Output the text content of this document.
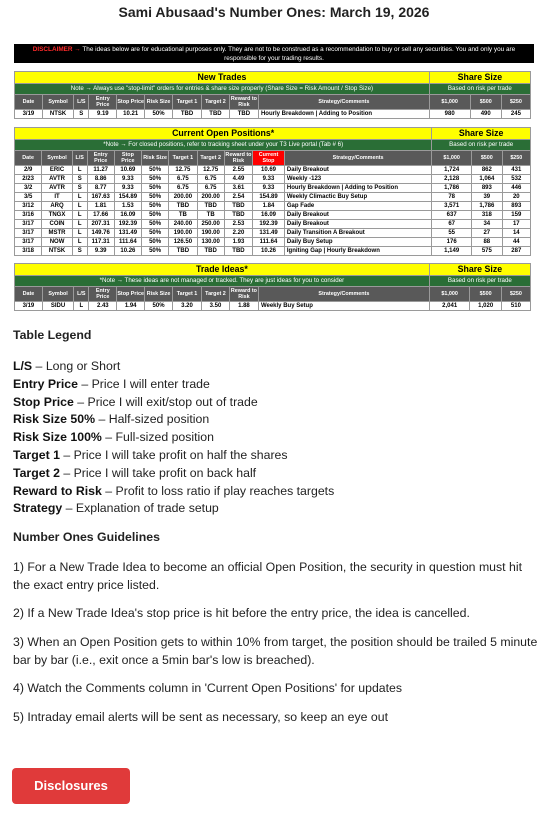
Sami Abusaad's Number Ones: March 19, 2026
DISCLAIMER → The ideas below are for educational purposes only. They are not to be construed as a recommendation to buy or sell any securities. You and only you are responsible for your trading results.
New Trades										Share Size		
Note → Always use "stop-limit" orders for entries & share size properly (Share Size = Risk Amount / Stop Size)										Based on risk per trade		
Date	Symbol	L/S	Entry Price	Stop Price	Risk Size	Target 1	Target 2	Reward to Risk	Strategy/Comments	$1,000	$500	$250
3/19	NTSK	S	9.19	10.21	50%	TBD	TBD	TBD	Hourly Breakdown | Adding to Position	980	490	245
Current Open Positions*											Share Size		
*Note → For closed positions, refer to tracking sheet under your T3 Live portal (Tab # 6)											Based on risk per trade		
Date	Symbol	L/S	Entry Price	Stop Price	Risk Size	Target 1	Target 2	Reward to Risk	Current Stop	Strategy/Comments	$1,000	$500	$250
2/9	ERIC	L	11.27	10.69	50%	12.75	12.75	2.55	10.69	Daily Breakout	1,724	862	431
2/23	AVTR	S	8.86	9.33	50%	6.75	6.75	4.49	9.33	Weekly -123	2,128	1,064	532
3/2	AVTR	S	8.77	9.33	50%	6.75	6.75	3.61	9.33	Hourly Breakdown | Adding to Position	1,786	893	446
3/5	IT	L	167.63	154.89	50%	200.00	200.00	2.54	154.89	Weekly Climactic Buy Setup	78	39	20
3/12	ARQ	L	1.81	1.53	50%	TBD	TBD	TBD	1.84	Gap Fade	3,571	1,786	893
3/16	TNGX	L	17.66	16.09	50%	TB	TB	TBD	16.09	Daily Breakout	637	318	159
3/17	COIN	L	207.31	192.39	50%	240.00	250.00	2.53	192.39	Daily Breakout	67	34	17
3/17	MSTR	L	149.76	131.49	50%	190.00	190.00	2.20	131.49	Daily Transition A Breakout	55	27	14
3/17	NOW	L	117.31	111.64	50%	126.50	130.00	1.93	111.64	Daily Buy Setup	176	88	44
3/18	NTSK	S	9.39	10.26	50%	TBD	TBD	TBD	10.26	Igniting Gap | Hourly Breakdown	1,149	575	287
Trade Ideas*										Share Size		
*Note → These ideas are not managed or tracked. They are just ideas for you to consider										Based on risk per trade		
Date	Symbol	L/S	Entry Price	Stop Price	Risk Size	Target 1	Target 2	Reward to Risk	Strategy/Comments	$1,000	$500	$250
3/19	SIDU	L	2.43	1.94	50%	3.20	3.50	1.88	Weekly Buy Setup	2,041	1,020	510
Table Legend
L/S – Long or Short
Entry Price – Price I will enter trade
Stop Price – Price I will exit/stop out of trade
Risk Size 50% – Half-sized position
Risk Size 100% – Full-sized position
Target 1 – Price I will take profit on half the shares
Target 2 – Price I will take profit on back half
Reward to Risk – Profit to loss ratio if play reaches targets
Strategy – Explanation of trade setup
Number Ones Guidelines
1) For a New Trade Idea to become an official Open Position, the security in question must hit the exact entry price listed.
2) If a New Trade Idea's stop price is hit before the entry price, the idea is cancelled.
3) When an Open Position gets to within 10% from target, the position should be trailed 5 minute bar by bar (i.e., exit once a 5min bar's low is breached).
4) Watch the Comments column in 'Current Open Positions' for updates
5) Intraday email alerts will be sent as necessary, so keep an eye out
Disclosures
